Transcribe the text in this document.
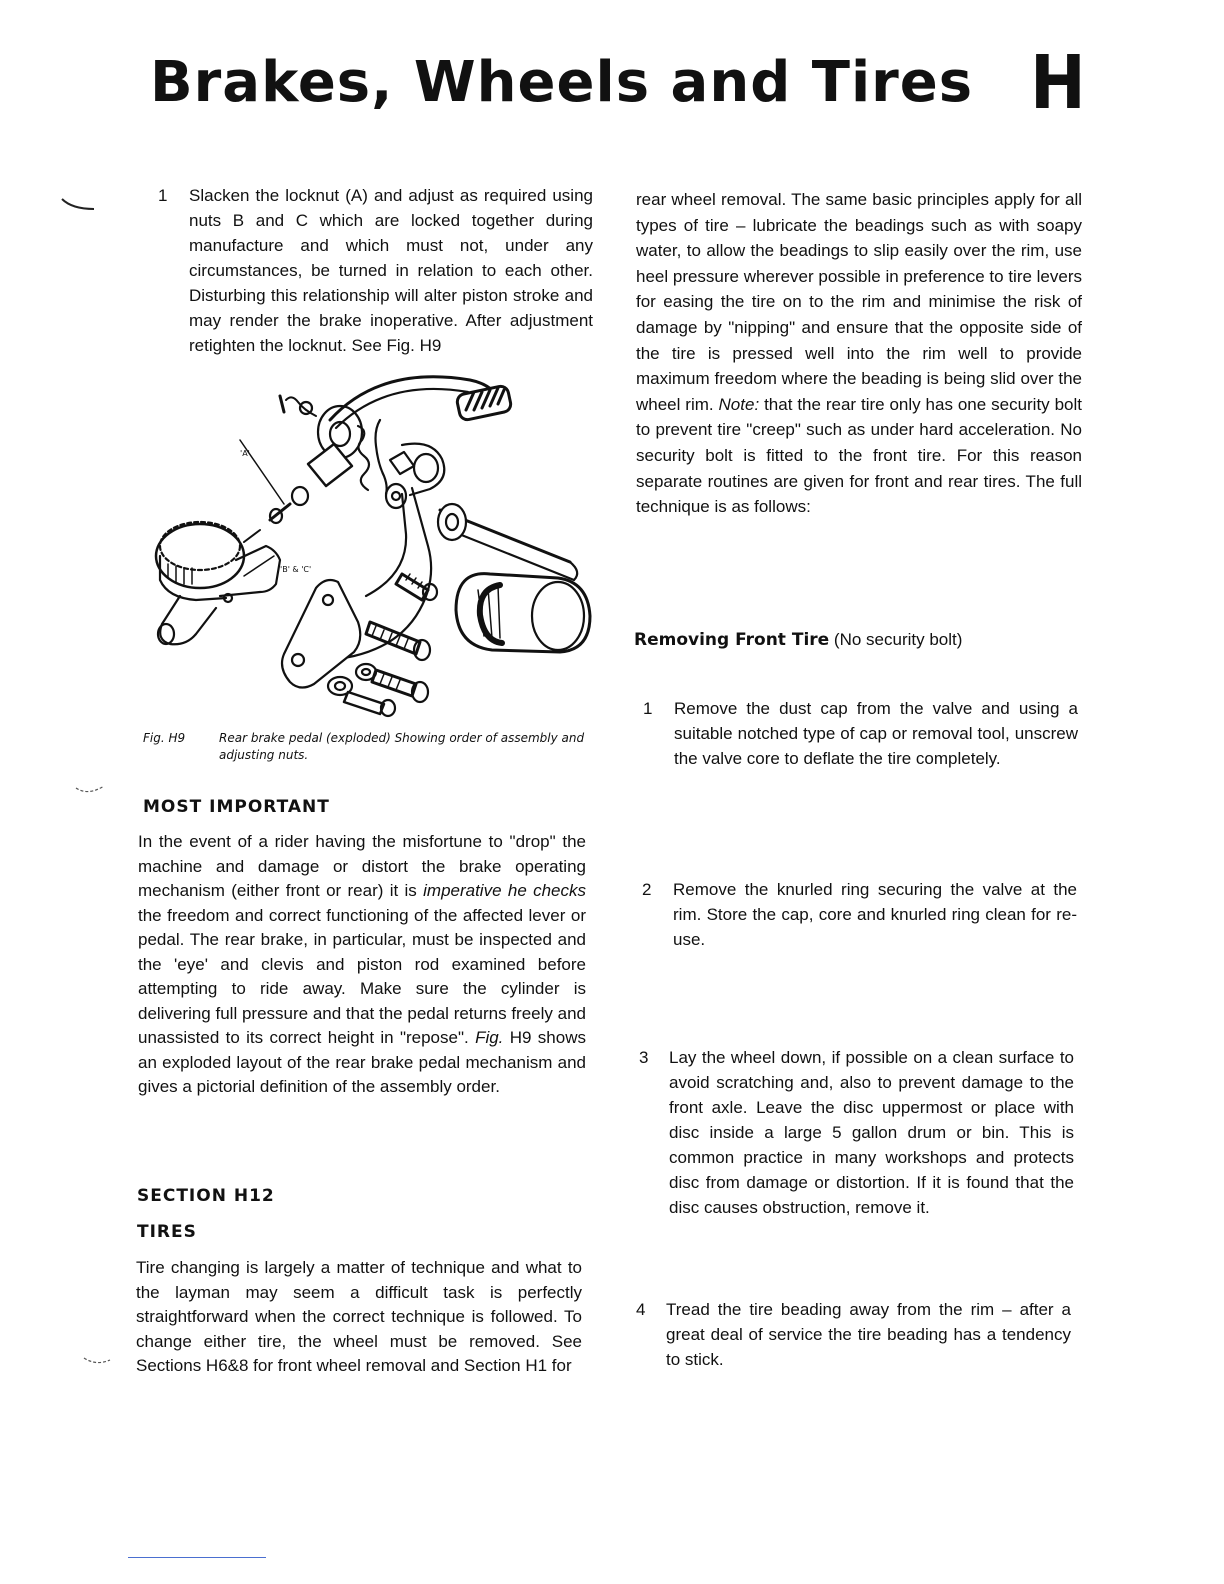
Brakes, Wheels and Tires H
1 Slacken the locknut (A) and adjust as required using nuts B and C which are locked together during manufacture and which must not, under any circumstances, be turned in relation to each other. Disturbing this relationship will alter piston stroke and may render the brake inoperative. After adjustment retighten the locknut. See Fig. H9

'A'
'B' & 'C'
Fig. H9	Rear brake pedal (exploded) Showing order of assembly and adjusting nuts.
MOST IMPORTANT

In the event of a rider having the misfortune to "drop" the machine and damage or distort the brake operating mechanism (either front or rear) it is imperative he checks the freedom and correct functioning of the affected lever or pedal. The rear brake, in particular, must be inspected and the 'eye' and clevis and piston rod examined before attempting to ride away. Make sure the cylinder is delivering full pressure and that the pedal returns freely and unassisted to its correct height in "repose". Fig. H9 shows an exploded layout of the rear brake pedal mechanism and gives a pictorial definition of the assembly order.

SECTION H12
TIRES

Tire changing is largely a matter of technique and what to the layman may seem a difficult task is perfectly straightforward when the correct technique is followed. To change either tire, the wheel must be removed. See Sections H6&8 for front wheel removal and Section H1 for

rear wheel removal. The same basic principles apply for all types of tire – lubricate the beadings such as with soapy water, to allow the beadings to slip easily over the rim, use heel pressure wherever possible in preference to tire levers for easing the tire on to the rim and minimise the risk of damage by "nipping" and ensure that the opposite side of the tire is pressed well into the rim well to provide maximum freedom where the beading is being slid over the wheel rim. Note: that the rear tire only has one security bolt to prevent tire "creep" such as under hard acceleration. No security bolt is fitted to the front tire. For this reason separate routines are given for front and rear tires. The full technique is as follows:

Removing Front Tire (No security bolt)
1 Remove the dust cap from the valve and using a suitable notched type of cap or removal tool, unscrew the valve core to deflate the tire completely.

2 Remove the knurled ring securing the valve at the rim. Store the cap, core and knurled ring clean for re-use.

3 Lay the wheel down, if possible on a clean surface to avoid scratching and, also to prevent damage to the front axle. Leave the disc uppermost or place with disc inside a large 5 gallon drum or bin. This is common practice in many workshops and protects disc from damage or distortion. If it is found that the disc causes obstruction, remove it.

4 Tread the tire beading away from the rim – after a great deal of service the tire beading has a tendency to stick.
